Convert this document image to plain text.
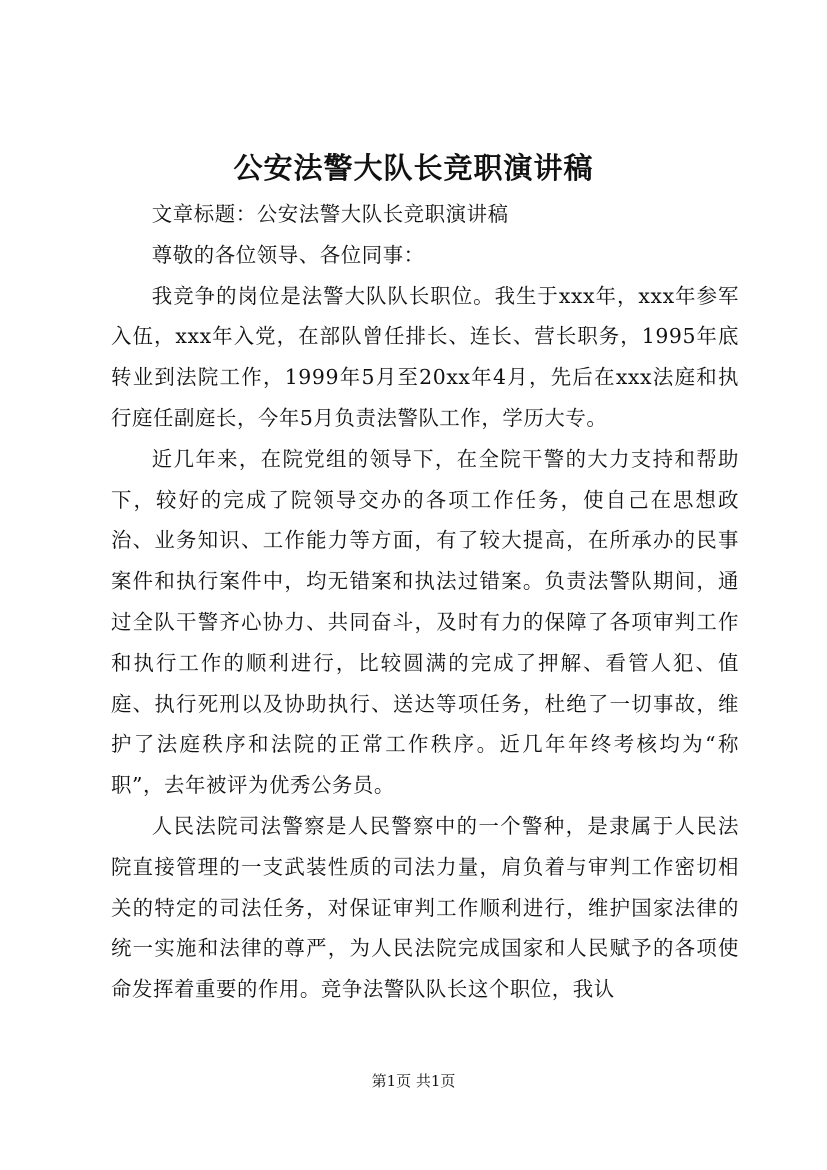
公安法警大队长竞职演讲稿

文章标题：公安法警大队长竞职演讲稿

尊敬的各位领导、各位同事：

我竞争的岗位是法警大队队长职位。我生于xxx年，xxx年参军入伍，xxx年入党，在部队曾任排长、连长、营长职务，1995年底转业到法院工作，1999年5月至20xx年4月，先后在xxx法庭和执行庭任副庭长，今年5月负责法警队工作，学历大专。

近几年来，在院党组的领导下，在全院干警的大力支持和帮助下，较好的完成了院领导交办的各项工作任务，使自己在思想政治、业务知识、工作能力等方面，有了较大提高，在所承办的民事案件和执行案件中，均无错案和执法过错案。负责法警队期间，通过全队干警齐心协力、共同奋斗，及时有力的保障了各项审判工作和执行工作的顺利进行，比较圆满的完成了押解、看管人犯、值庭、执行死刑以及协助执行、送达等项任务，杜绝了一切事故，维护了法庭秩序和法院的正常工作秩序。近几年年终考核均为“称职”，去年被评为优秀公务员。

人民法院司法警察是人民警察中的一个警种，是隶属于人民法院直接管理的一支武装性质的司法力量，肩负着与审判工作密切相关的特定的司法任务，对保证审判工作顺利进行，维护国家法律的统一实施和法律的尊严，为人民法院完成国家和人民赋予的各项使命发挥着重要的作用。竞争法警队队长这个职位，我认

第1页 共1页
